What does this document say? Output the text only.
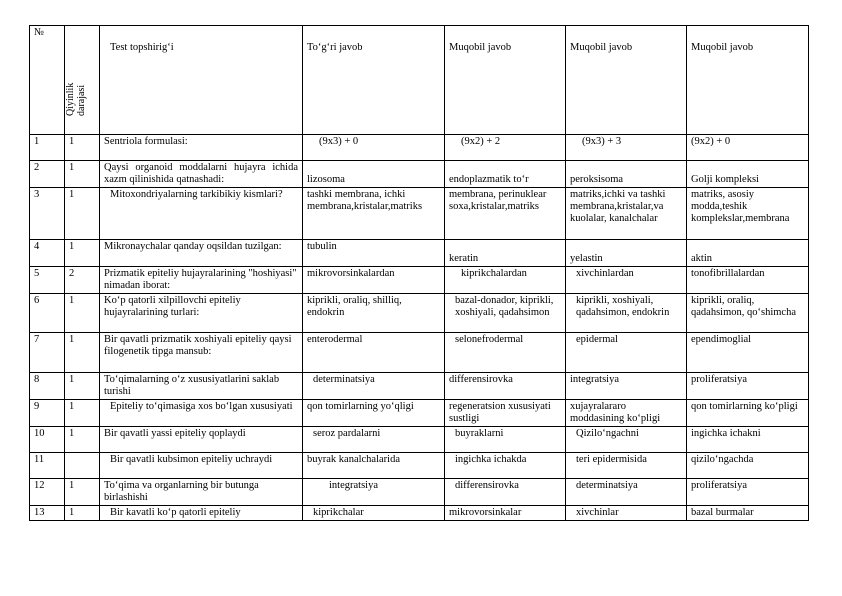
№	Qiyinlik darajasi	Test topshirig‘i	To‘g‘ri javob	Muqobil javob	Muqobil javob	Muqobil javob
1	1	Sentriola formulasi:	(9x3) + 0	(9x2) + 2	(9x3) + 3	(9x2) + 0
2	1	Qaysi organoid moddalarni hujayra ichida xazm qilinishida qatnashadi:	lizosoma	endoplazmatik to‘r	peroksisoma	Golji kompleksi
3	1	Mitoxondriyalarning tarkibikiy kismlari?	tashki membrana, ichki membrana,kristalar,matriks	membrana, perinuklear soxa,kristalar,matriks	matriks,ichki va tashki membrana,kristalar,va kuolalar, kanalchalar	matriks, asosiy modda,teshik komplekslar,membrana
4	1	Mikronaychalar qanday oqsildan tuzilgan:	tubulin	keratin	yelastin	aktin
5	2	Prizmatik epiteliy hujayralarining "hoshiyasi" nimadan iborat:	mikrovorsinkalardan	kiprikchalardan	xivchinlardan	tonofibrillalardan
6	1	Ko‘p qatorli xilpillovchi epiteliy hujayralarining turlari:	kiprikli, oraliq, shilliq, endokrin	bazal-donador, kiprikli, xoshiyali, qadahsimon	kiprikli, xoshiyali, qadahsimon, endokrin	kiprikli, oraliq, qadahsimon, qo‘shimcha
7	1	Bir qavatli prizmatik xoshiyali epiteliy qaysi filogenetik tipga mansub:	enterodermal	selonefrodermal	epidermal	ependimoglial
8	1	To‘qimalarning o‘z xususiyatlarini saklab turishi	determinatsiya	differensirovka	integratsiya	proliferatsiya
9	1	Epiteliy to‘qimasiga xos bo‘lgan xususiyati	qon tomirlarning yo‘qligi	regeneratsion xususiyati sustligi	xujayralararo moddasining ko‘pligi	qon tomirlarning ko‘pligi
10	1	Bir qavatli yassi epiteliy qoplaydi	seroz pardalarni	buyraklarni	Qizilo‘ngachni	ingichka ichakni
11		Bir qavatli kubsimon epiteliy uchraydi	buyrak kanalchalarida	ingichka ichakda	teri epidermisida	qizilo‘ngachda
12	1	To‘qima va organlarning bir butunga birlashishi	integratsiya	differensirovka	determinatsiya	proliferatsiya
13	1	Bir kavatli ko‘p qatorli epiteliy	kiprikchalar	mikrovorsinkalar	xivchinlar	bazal burmalar
